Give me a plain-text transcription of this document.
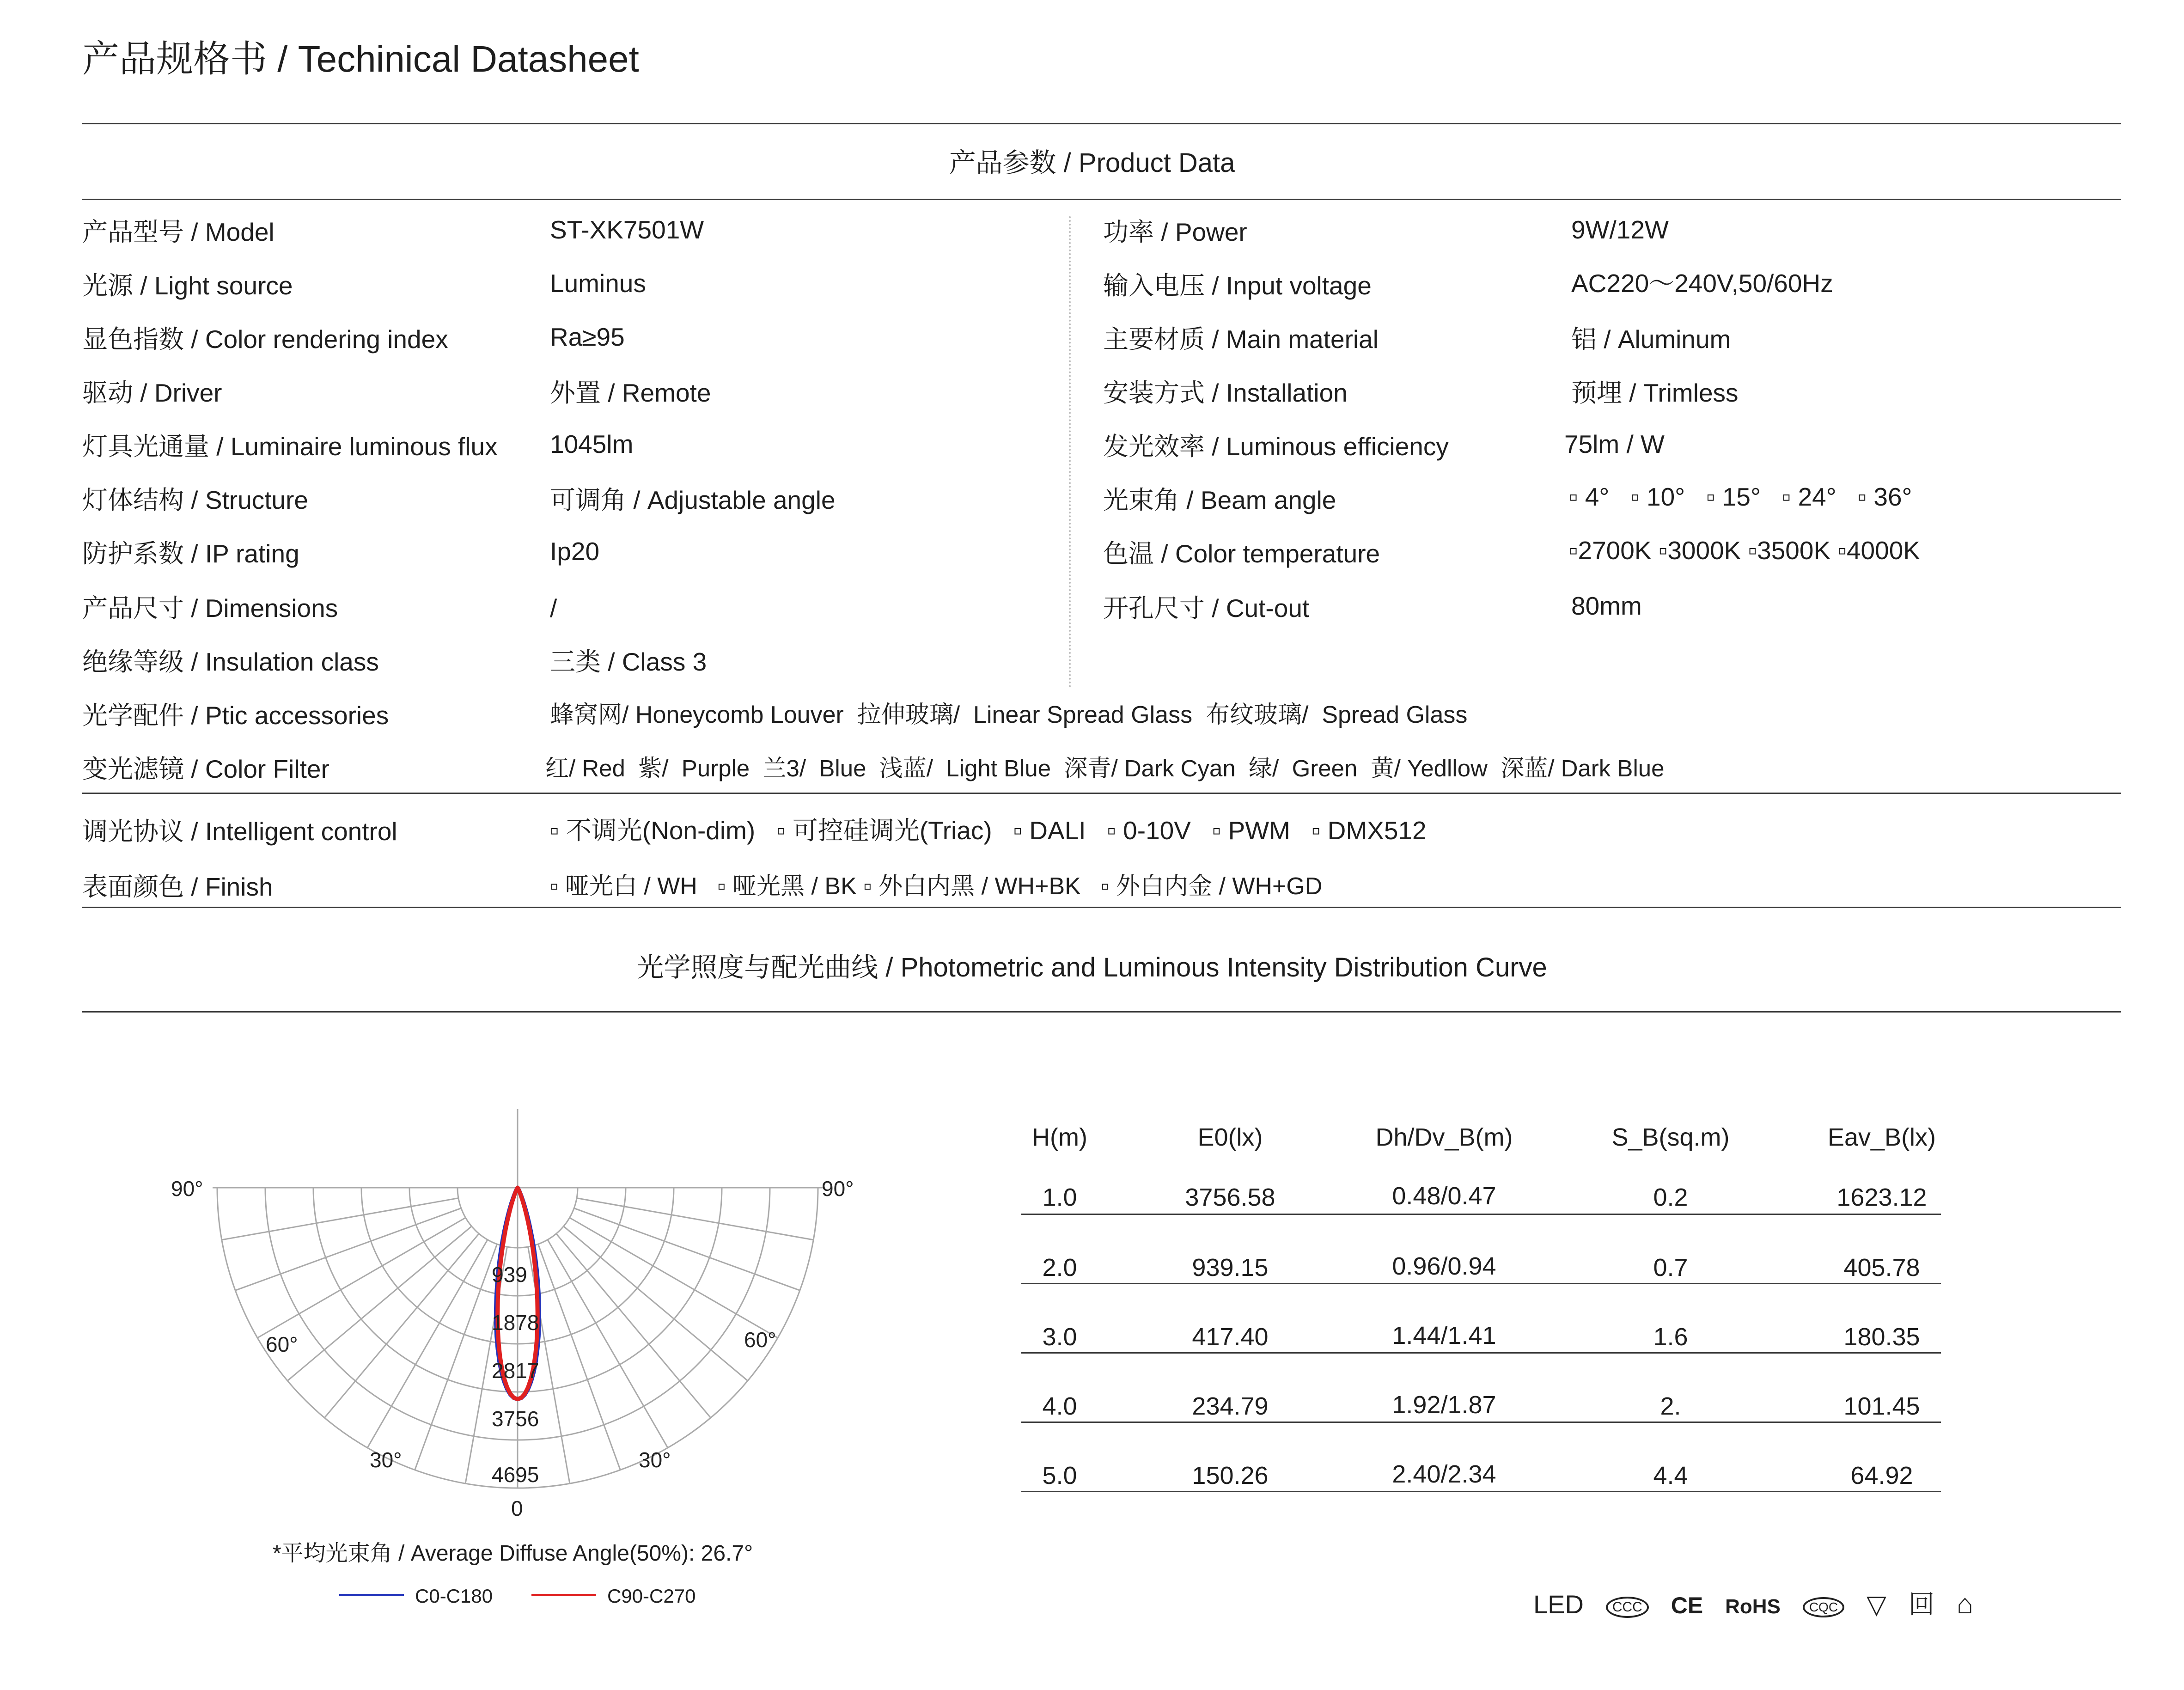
产品规格书 / Techinical Datasheet
产品参数 / Product Data
产品型号 / Model	ST-XK7501W
光源 / Light source	Luminus
显色指数 / Color rendering index	Ra≥95
驱动 / Driver	外置 / Remote
灯具光通量 / Luminaire luminous flux 1045lm
灯体结构 / Structure	可调角 / Adjustable angle
防护系数 / IP rating	Ip20
产品尺寸 / Dimensions	/
绝缘等级 / Insulation class	三类 / Class 3
功率 / Power	9W/12W
输入电压 / Input voltage	AC220～240V,50/60Hz
主要材质 / Main material	铝 / Aluminum
安装方式 / Installation	预埋 / Trimless
发光效率 / Luminous efficiency	75lm / W
光束角 / Beam angle	▫ 4°   ▫ 10°   ▫ 15°   ▫ 24°   ▫ 36°
色温 / Color temperature	▫2700K ▫3000K ▫3500K ▫4000K
开孔尺寸 / Cut-out	80mm
光学配件 / Ptic accessories	蜂窝网/ Honeycomb Louver  拉伸玻璃/  Linear Spread Glass  布纹玻璃/  Spread Glass
变光滤镜 / Color Filter	红/ Red  紫/  Purple  兰3/  Blue  浅蓝/  Light Blue  深青/ Dark Cyan  绿/  Green  黄/ Yedllow  深蓝/ Dark Blue
调光协议 / Intelligent control	▫ 不调光(Non-dim)   ▫ 可控硅调光(Triac)   ▫ DALI   ▫ 0-10V   ▫ PWM   ▫ DMX512
表面颜色 / Finish	▫ 哑光白 / WH   ▫ 哑光黑 / BK ▫ 外白内黑 / WH+BK   ▫ 外白内金 / WH+GD
光学照度与配光曲线 / Photometric and Luminous Intensity Distribution Curve
90°
60°
30°
0
30°
60°
90°
939
1878
2817
3756
4695
*平均光束角 / Average Diffuse Angle(50%): 26.7°
C0-C180	C90-C270
H(m)	E0(lx)	Dh/Dv_B(m)	S_B(sq.m)	Eav_B(lx)
1.0	3756.58	0.48/0.47	0.2	1623.12
2.0	939.15	0.96/0.94	0.7	405.78
3.0	417.40	1.44/1.41	1.6	180.35
4.0	234.79	1.92/1.87	2.	101.45
5.0	150.26	2.40/2.34	4.4	64.92
LED CCC CE RoHS CQC ▽ 回 ⌂
